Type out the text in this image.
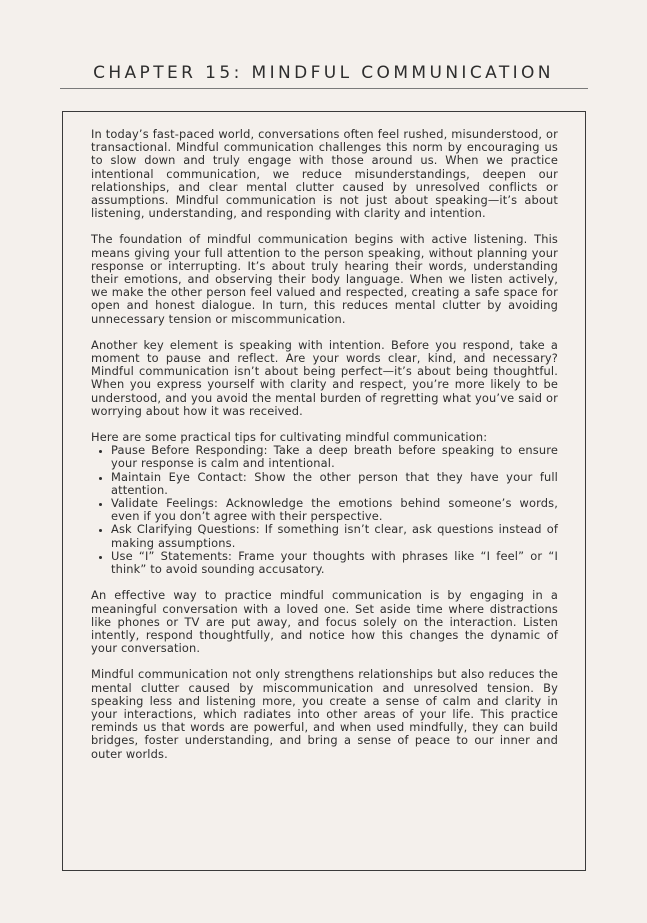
CHAPTER 15: MINDFUL COMMUNICATION

In today’s fast-paced world, conversations often feel rushed, misunderstood, or transactional. Mindful communication challenges this norm by encouraging us to slow down and truly engage with those around us. When we practice intentional communication, we reduce misunderstandings, deepen our relationships, and clear mental clutter caused by unresolved conflicts or assumptions. Mindful communication is not just about speaking—it’s about listening, understanding, and responding with clarity and intention.

The foundation of mindful communication begins with active listening. This means giving your full attention to the person speaking, without planning your response or interrupting. It’s about truly hearing their words, understanding their emotions, and observing their body language. When we listen actively, we make the other person feel valued and respected, creating a safe space for open and honest dialogue. In turn, this reduces mental clutter by avoiding unnecessary tension or miscommunication.

Another key element is speaking with intention. Before you respond, take a moment to pause and reflect. Are your words clear, kind, and necessary? Mindful communication isn’t about being perfect—it’s about being thoughtful. When you express yourself with clarity and respect, you’re more likely to be understood, and you avoid the mental burden of regretting what you’ve said or worrying about how it was received.

Here are some practical tips for cultivating mindful communication:

• Pause Before Responding: Take a deep breath before speaking to ensure your response is calm and intentional.
• Maintain Eye Contact: Show the other person that they have your full attention.
• Validate Feelings: Acknowledge the emotions behind someone’s words, even if you don’t agree with their perspective.
• Ask Clarifying Questions: If something isn’t clear, ask questions instead of making assumptions.
• Use “I” Statements: Frame your thoughts with phrases like “I feel” or “I think” to avoid sounding accusatory.

An effective way to practice mindful communication is by engaging in a meaningful conversation with a loved one. Set aside time where distractions like phones or TV are put away, and focus solely on the interaction. Listen intently, respond thoughtfully, and notice how this changes the dynamic of your conversation.

Mindful communication not only strengthens relationships but also reduces the mental clutter caused by miscommunication and unresolved tension. By speaking less and listening more, you create a sense of calm and clarity in your interactions, which radiates into other areas of your life. This practice reminds us that words are powerful, and when used mindfully, they can build bridges, foster understanding, and bring a sense of peace to our inner and outer worlds.
